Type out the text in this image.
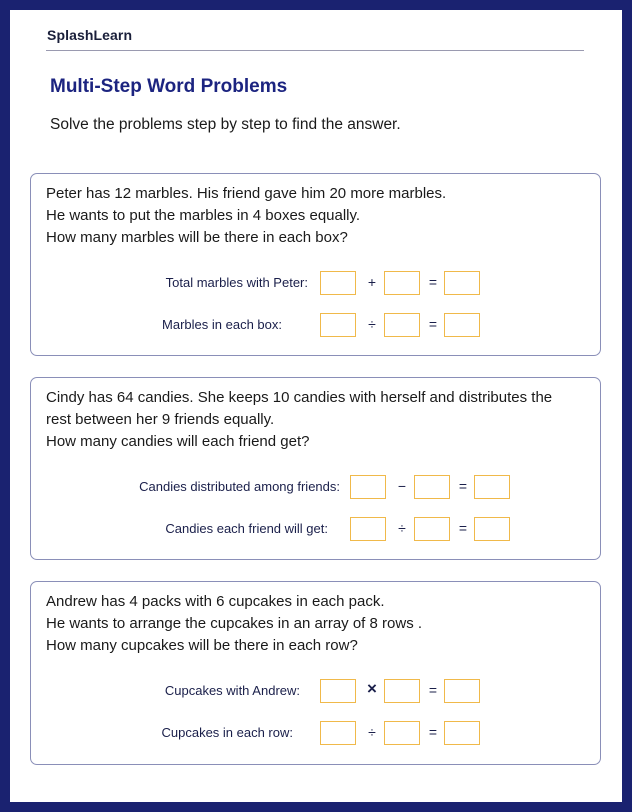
SplashLearn
Multi-Step Word Problems
Solve the problems step by step to find the answer.
Peter has 12 marbles. His friend gave him 20 more marbles.
He wants to put the marbles in 4 boxes equally.
How many marbles will be there in each box?
Total marbles with Peter:	+	=
Marbles in each box:	÷	=
Cindy has 64 candies. She keeps 10 candies with herself and distributes the
rest between her 9 friends equally.
How many candies will each friend get?
Candies distributed among friends:	−	=
Candies each friend will get:	÷	=
Andrew has 4 packs with 6 cupcakes in each pack.
He wants to arrange the cupcakes in an array of 8 rows .
How many cupcakes will be there in each row?
Cupcakes with Andrew:	×	=
Cupcakes in each row:	÷	=
